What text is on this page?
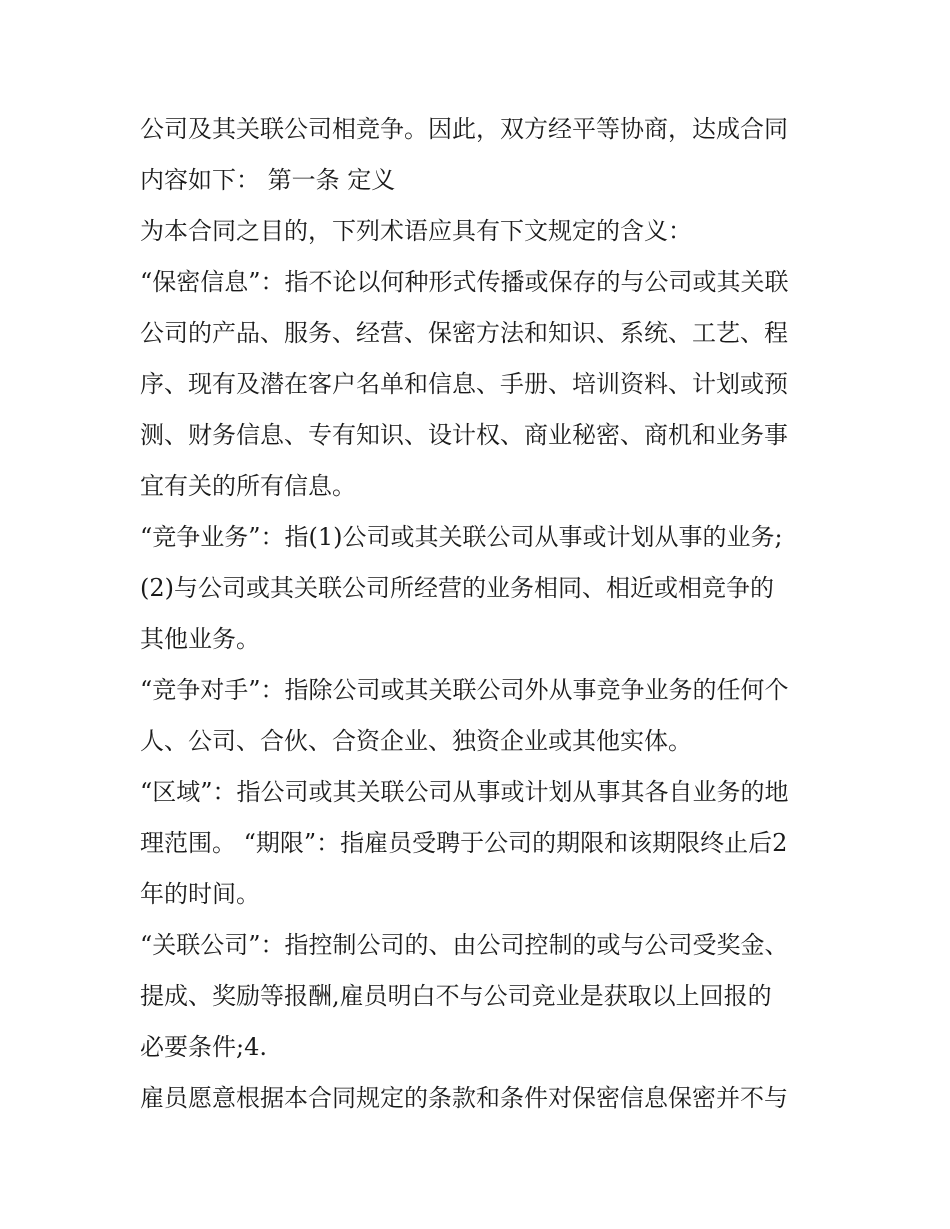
公司及其关联公司相竞争。因此，双方经平等协商，达成合同
内容如下： 第一条 定义
为本合同之目的，下列术语应具有下文规定的含义：
“保密信息”：指不论以何种形式传播或保存的与公司或其关联
公司的产品、服务、经营、保密方法和知识、系统、工艺、程
序、现有及潜在客户名单和信息、手册、培训资料、计划或预
测、财务信息、专有知识、设计权、商业秘密、商机和业务事
宜有关的所有信息。
“竞争业务”：指(1)公司或其关联公司从事或计划从事的业务;
(2)与公司或其关联公司所经营的业务相同、相近或相竞争的
其他业务。
“竞争对手”：指除公司或其关联公司外从事竞争业务的任何个
人、公司、合伙、合资企业、独资企业或其他实体。
“区域”：指公司或其关联公司从事或计划从事其各自业务的地
理范围。 “期限”：指雇员受聘于公司的期限和该期限终止后2
年的时间。
“关联公司”：指控制公司的、由公司控制的或与公司受奖金、
提成、奖励等报酬,雇员明白不与公司竞业是获取以上回报的
必要条件;4.
雇员愿意根据本合同规定的条款和条件对保密信息保密并不与
